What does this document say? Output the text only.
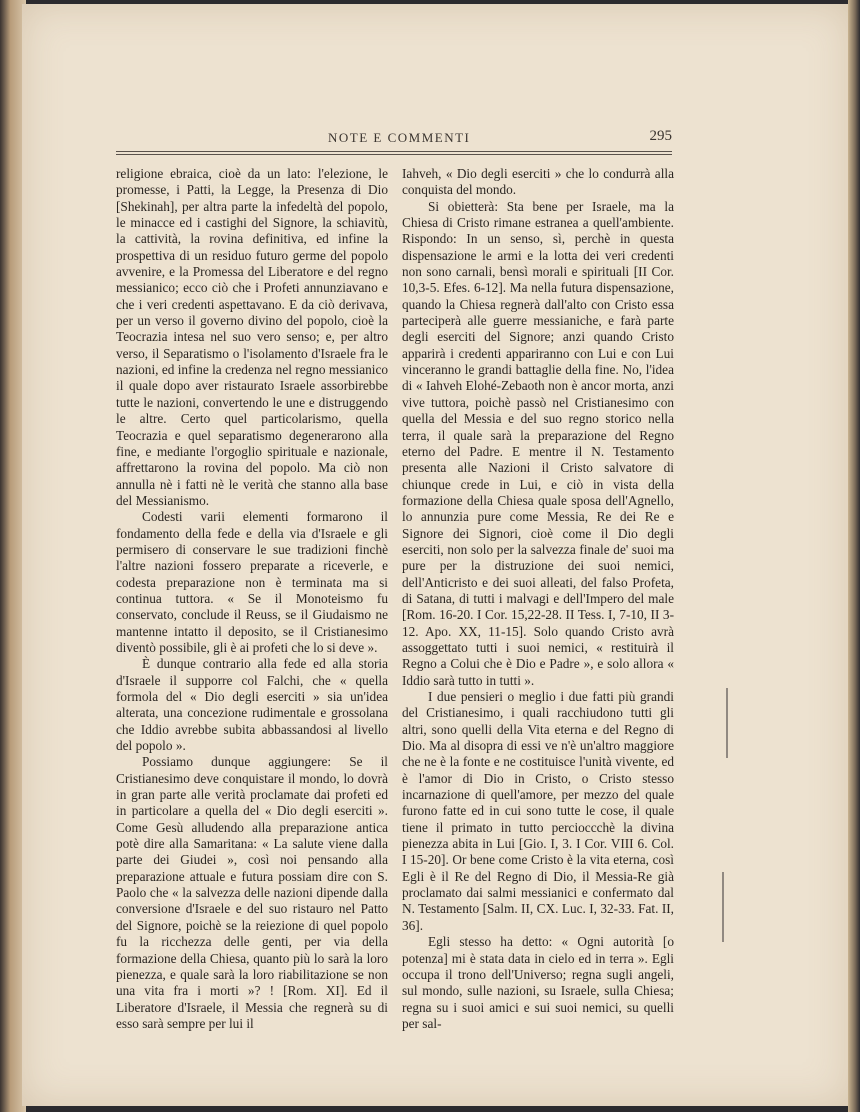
NOTE E COMMENTI	295

religione ebraica, cioè da un lato: l'elezione, le promesse, i Patti, la Legge, la Presenza di Dio [Shekinah], per altra parte la infedeltà del popolo, le minacce ed i castighi del Signore, la schiavitù, la cattività, la rovina definitiva, ed infine la prospettiva di un residuo futuro germe del popolo avvenire, e la Promessa del Liberatore e del regno messianico; ecco ciò che i Profeti annunziavano e che i veri credenti aspettavano. E da ciò derivava, per un verso il governo divino del popolo, cioè la Teocrazia intesa nel suo vero senso; e, per altro verso, il Separatismo o l'isolamento d'Israele fra le nazioni, ed infine la credenza nel regno messianico il quale dopo aver ristaurato Israele assorbirebbe tutte le nazioni, convertendo le une e distruggendo le altre. Certo quel particolarismo, quella Teocrazia e quel separatismo degenerarono alla fine, e mediante l'orgoglio spirituale e nazionale, affrettarono la rovina del popolo. Ma ciò non annulla nè i fatti nè le verità che stanno alla base del Messianismo.

Codesti varii elementi formarono il fondamento della fede e della via d'Israele e gli permisero di conservare le sue tradizioni finchè l'altre nazioni fossero preparate a riceverle, e codesta preparazione non è terminata ma si continua tuttora. « Se il Monoteismo fu conservato, conclude il Reuss, se il Giudaismo ne mantenne intatto il deposito, se il Cristianesimo diventò possibile, gli è ai profeti che lo si deve ».

È dunque contrario alla fede ed alla storia d'Israele il supporre col Falchi, che « quella formola del « Dio degli eserciti » sia un'idea alterata, una concezione rudimentale e grossolana che Iddio avrebbe subita abbassandosi al livello del popolo ».

Possiamo dunque aggiungere: Se il Cristianesimo deve conquistare il mondo, lo dovrà in gran parte alle verità proclamate dai profeti ed in particolare a quella del « Dio degli eserciti ». Come Gesù alludendo alla preparazione antica potè dire alla Samaritana: « La salute viene dalla parte dei Giudei », così noi pensando alla preparazione attuale e futura possiam dire con S. Paolo che « la salvezza delle nazioni dipende dalla conversione d'Israele e del suo ristauro nel Patto del Signore, poichè se la reiezione di quel popolo fu la ricchezza delle genti, per via della formazione della Chiesa, quanto più lo sarà la loro pienezza, e quale sarà la loro riabilitazione se non una vita fra i morti »? ! [Rom. XI]. Ed il Liberatore d'Israele, il Messia che regnerà su di esso sarà sempre per lui il

Iahveh, « Dio degli eserciti » che lo condurrà alla conquista del mondo.

Si obietterà: Sta bene per Israele, ma la Chiesa di Cristo rimane estranea a quell'ambiente. Rispondo: In un senso, sì, perchè in questa dispensazione le armi e la lotta dei veri credenti non sono carnali, bensì morali e spirituali [II Cor. 10,3-5. Efes. 6-12]. Ma nella futura dispensazione, quando la Chiesa regnerà dall'alto con Cristo essa parteciperà alle guerre messianiche, e farà parte degli eserciti del Signore; anzi quando Cristo apparirà i credenti appariranno con Lui e con Lui vinceranno le grandi battaglie della fine. No, l'idea di « Iahveh Elohé-Zebaoth non è ancor morta, anzi vive tuttora, poichè passò nel Cristianesimo con quella del Messia e del suo regno storico nella terra, il quale sarà la preparazione del Regno eterno del Padre. E mentre il N. Testamento presenta alle Nazioni il Cristo salvatore di chiunque crede in Lui, e ciò in vista della formazione della Chiesa quale sposa dell'Agnello, lo annunzia pure come Messia, Re dei Re e Signore dei Signori, cioè come il Dio degli eserciti, non solo per la salvezza finale de' suoi ma pure per la distruzione dei suoi nemici, dell'Anticristo e dei suoi alleati, del falso Profeta, di Satana, di tutti i malvagi e dell'Impero del male [Rom. 16-20. I Cor. 15,22-28. II Tess. I, 7-10, II 3-12. Apo. XX, 11-15]. Solo quando Cristo avrà assoggettato tutti i suoi nemici, « restituirà il Regno a Colui che è Dio e Padre », e solo allora « Iddio sarà tutto in tutti ».

I due pensieri o meglio i due fatti più grandi del Cristianesimo, i quali racchiudono tutti gli altri, sono quelli della Vita eterna e del Regno di Dio. Ma al disopra di essi ve n'è un'altro maggiore che ne è la fonte e ne costituisce l'unità vivente, ed è l'amor di Dio in Cristo, o Cristo stesso incarnazione di quell'amore, per mezzo del quale furono fatte ed in cui sono tutte le cose, il quale tiene il primato in tutto percioccchè la divina pienezza abita in Lui [Gio. I, 3. I Cor. VIII 6. Col. I 15-20]. Or bene come Cristo è la vita eterna, così Egli è il Re del Regno di Dio, il Messia-Re già proclamato dai salmi messianici e confermato dal N. Testamento [Salm. II, CX. Luc. I, 32-33. Fat. II, 36].

Egli stesso ha detto: « Ogni autorità [o potenza] mi è stata data in cielo ed in terra ». Egli occupa il trono dell'Universo; regna sugli angeli, sul mondo, sulle nazioni, su Israele, sulla Chiesa; regna su i suoi amici e sui suoi nemici, su quelli per sal-
